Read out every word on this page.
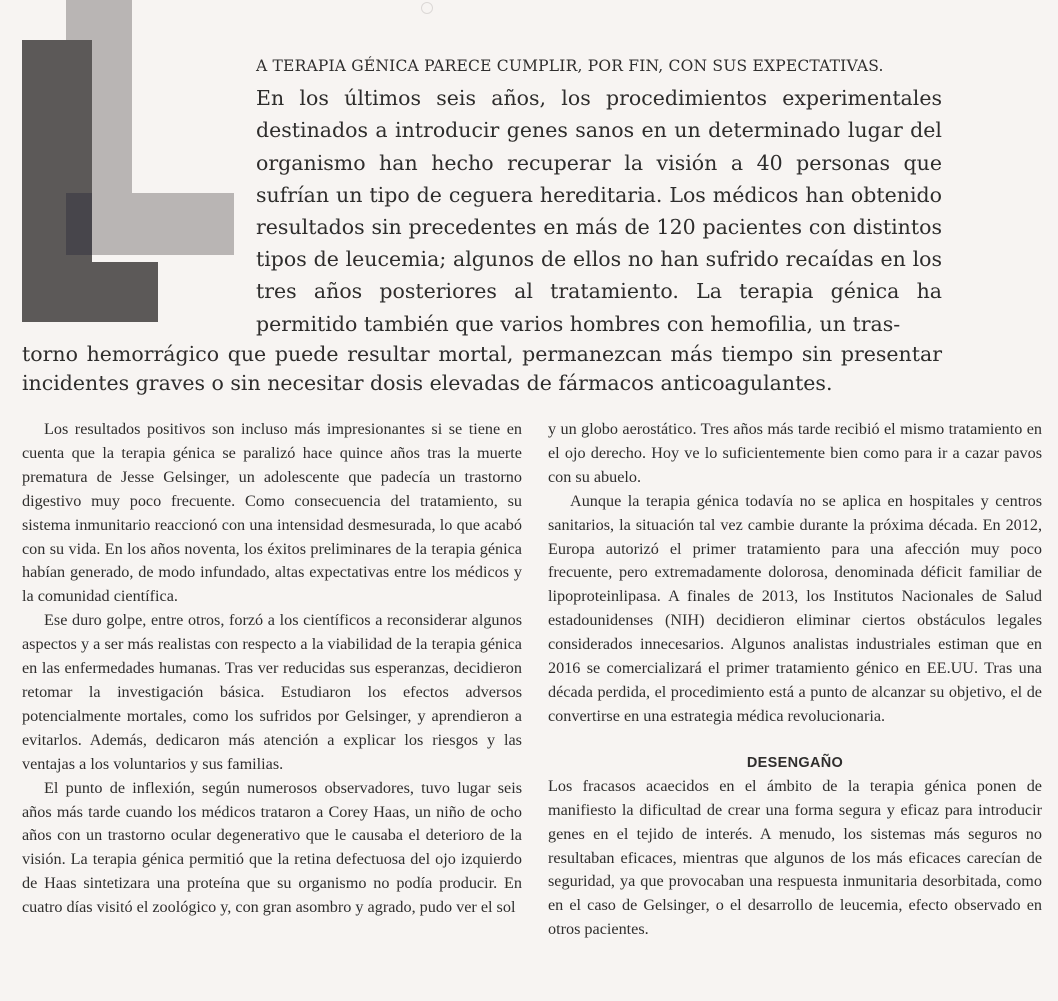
A TERAPIA GÉNICA PARECE CUMPLIR, POR FIN, CON SUS EXPECTATIVAS.
En los últimos seis años, los procedimientos experimentales destinados a introducir genes sanos en un determinado lugar del organismo han hecho recuperar la visión a 40 personas que sufrían un tipo de ceguera hereditaria. Los médicos han obtenido resultados sin precedentes en más de 120 pacientes con distintos tipos de leucemia; algunos de ellos no han sufrido recaídas en los tres años posteriores al tratamiento. La terapia génica ha permitido también que varios hombres con hemofilia, un tras-

torno hemorrágico que puede resultar mortal, permanezcan más tiempo sin presentar incidentes graves o sin necesitar dosis elevadas de fármacos anticoagulantes.

Los resultados positivos son incluso más impresionantes si se tiene en cuenta que la terapia génica se paralizó hace quince años tras la muerte prematura de Jesse Gelsinger, un adolescente que padecía un trastorno digestivo muy poco frecuente. Como consecuencia del tratamiento, su sistema inmunitario reaccionó con una intensidad desmesurada, lo que acabó con su vida. En los años noventa, los éxitos preliminares de la terapia génica habían generado, de modo infundado, altas expectativas entre los médicos y la comunidad científica.

Ese duro golpe, entre otros, forzó a los científicos a reconsiderar algunos aspectos y a ser más realistas con respecto a la viabilidad de la terapia génica en las enfermedades humanas. Tras ver reducidas sus esperanzas, decidieron retomar la investigación básica. Estudiaron los efectos adversos potencialmente mortales, como los sufridos por Gelsinger, y aprendieron a evitarlos. Además, dedicaron más atención a explicar los riesgos y las ventajas a los voluntarios y sus familias.

El punto de inflexión, según numerosos observadores, tuvo lugar seis años más tarde cuando los médicos trataron a Corey Haas, un niño de ocho años con un trastorno ocular degenerativo que le causaba el deterioro de la visión. La terapia génica permitió que la retina defectuosa del ojo izquierdo de Haas sintetizara una proteína que su organismo no podía producir. En cuatro días visitó el zoológico y, con gran asombro y agrado, pudo ver el sol

y un globo aerostático. Tres años más tarde recibió el mismo tratamiento en el ojo derecho. Hoy ve lo suficientemente bien como para ir a cazar pavos con su abuelo.

Aunque la terapia génica todavía no se aplica en hospitales y centros sanitarios, la situación tal vez cambie durante la próxima década. En 2012, Europa autorizó el primer tratamiento para una afección muy poco frecuente, pero extremadamente dolorosa, denominada déficit familiar de lipoproteinlipasa. A finales de 2013, los Institutos Nacionales de Salud estadounidenses (NIH) decidieron eliminar ciertos obstáculos legales considerados innecesarios. Algunos analistas industriales estiman que en 2016 se comercializará el primer tratamiento génico en EE.UU. Tras una década perdida, el procedimiento está a punto de alcanzar su objetivo, el de convertirse en una estrategia médica revolucionaria.

DESENGAÑO

Los fracasos acaecidos en el ámbito de la terapia génica ponen de manifiesto la dificultad de crear una forma segura y eficaz para introducir genes en el tejido de interés. A menudo, los sistemas más seguros no resultaban eficaces, mientras que algunos de los más eficaces carecían de seguridad, ya que provocaban una respuesta inmunitaria desorbitada, como en el caso de Gelsinger, o el desarrollo de leucemia, efecto observado en otros pacientes.
